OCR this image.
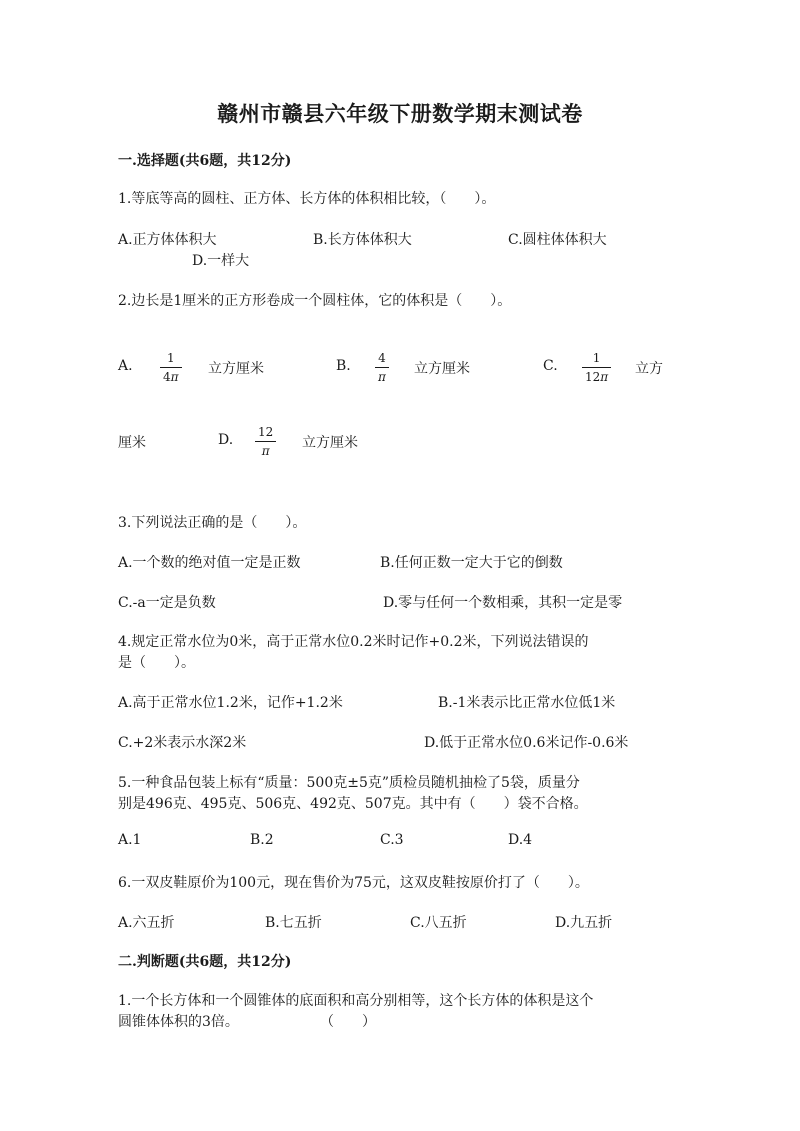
赣州市赣县六年级下册数学期末测试卷
一.选择题(共6题，共12分)
1.等底等高的圆柱、正方体、长方体的体积相比较，（　　）。
A.正方体体积大	B.长方体体积大	C.圆柱体体积大
D.一样大
2.边长是1厘米的正方形卷成一个圆柱体，它的体积是（　　）。
A.	1
4π 立方厘米	B. 4
π 立方厘米	C.	1
12π 立方
厘米	D. 12
π 立方厘米
3.下列说法正确的是（　　）。
A.一个数的绝对值一定是正数	B.任何正数一定大于它的倒数
C.-a一定是负数	D.零与任何一个数相乘，其积一定是零
4.规定正常水位为0米，高于正常水位0.2米时记作+0.2米，下列说法错误的
是（　　）。
A.高于正常水位1.2米，记作+1.2米	B.-1米表示比正常水位低1米
C.+2米表示水深2米	D.低于正常水位0.6米记作-0.6米
5.一种食品包装上标有“质量：500克±5克”质检员随机抽检了5袋，质量分
别是496克、495克、506克、492克、507克。其中有（　　）袋不合格。
A.1	B.2	C.3	D.4
6.一双皮鞋原价为100元，现在售价为75元，这双皮鞋按原价打了（　　）。
A.六五折	B.七五折	C.八五折	D.九五折
二.判断题(共6题，共12分)
1.一个长方体和一个圆锥体的底面积和高分别相等，这个长方体的体积是这个
圆锥体体积的3倍。	（　　）
